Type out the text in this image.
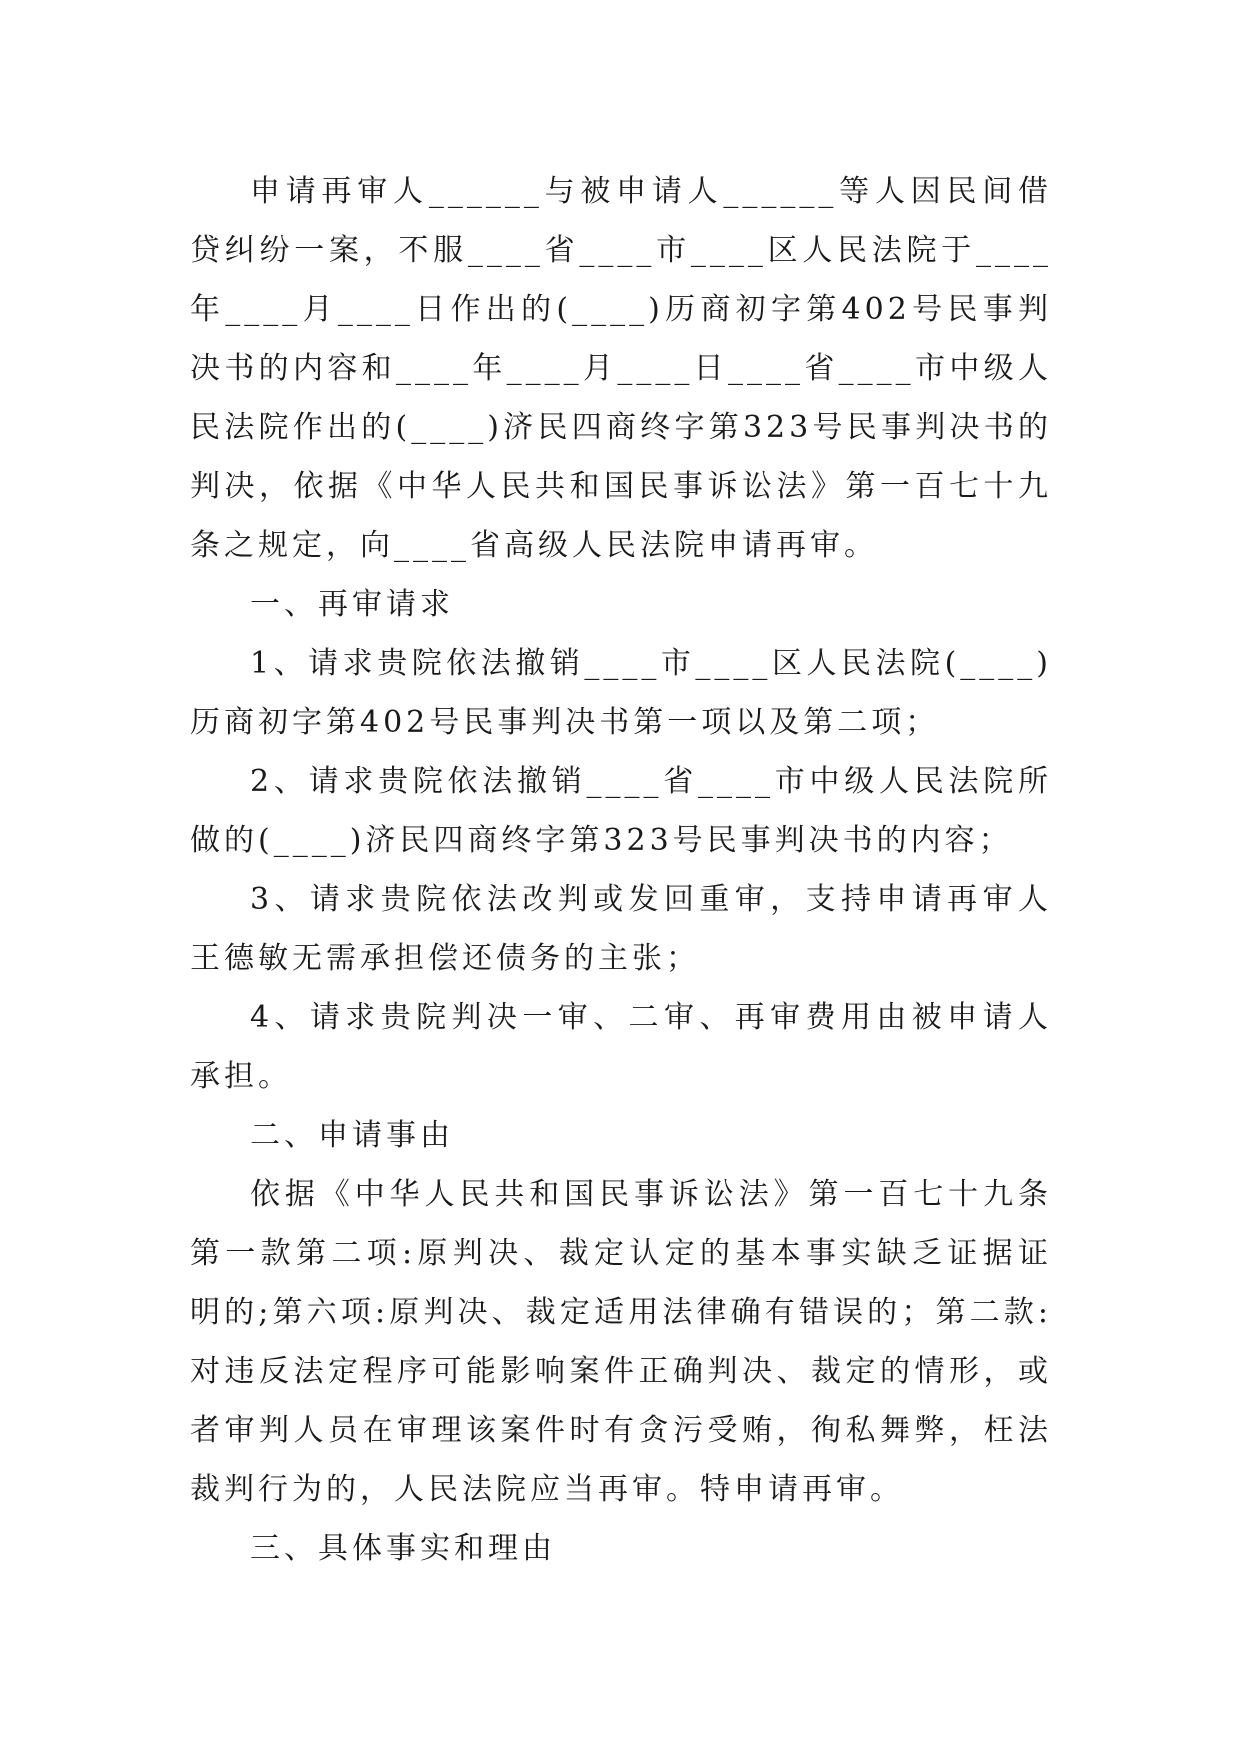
申请再审人______与被申请人______等人因民间借贷纠纷一案，不服____省____市____区人民法院于____年____月____日作出的(____)历商初字第402号民事判决书的内容和____年____月____日____省____市中级人民法院作出的(____)济民四商终字第323号民事判决书的判决，依据《中华人民共和国民事诉讼法》第一百七十九条之规定，向____省高级人民法院申请再审。

一、再审请求

1、请求贵院依法撤销____市____区人民法院(____)历商初字第402号民事判决书第一项以及第二项；

2、请求贵院依法撤销____省____市中级人民法院所做的(____)济民四商终字第323号民事判决书的内容；

3、请求贵院依法改判或发回重审，支持申请再审人王德敏无需承担偿还债务的主张；

4、请求贵院判决一审、二审、再审费用由被申请人承担。

二、申请事由

依据《中华人民共和国民事诉讼法》第一百七十九条第一款第二项:原判决、裁定认定的基本事实缺乏证据证明的;第六项:原判决、裁定适用法律确有错误的；第二款:对违反法定程序可能影响案件正确判决、裁定的情形，或者审判人员在审理该案件时有贪污受贿，徇私舞弊，枉法裁判行为的，人民法院应当再审。特申请再审。

三、具体事实和理由
